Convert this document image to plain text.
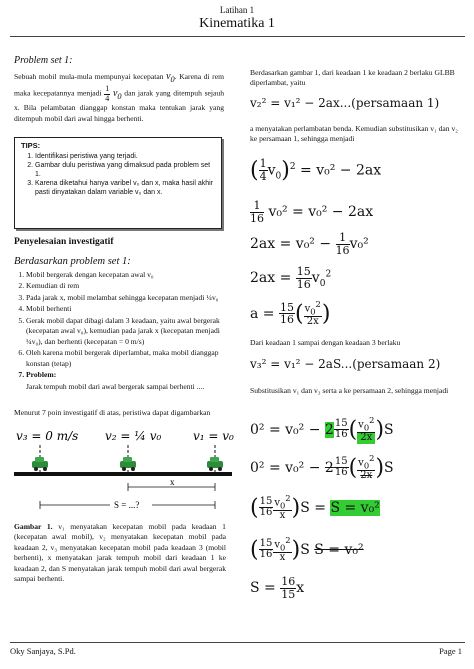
Latihan 1
Kinematika 1
Problem set 1:
Sebuah mobil mula-mula mempunyai kecepatan $v_0$. Karena di rem maka kecepatannya menjadi $\frac{1}{4} v_0$ dan jarak yang ditempuh sejauh x. Bila pelambatan dianggap konstan maka tentukan jarak yang ditempuh mobil dari awal hingga berhenti.
TIPS:
1. Identifikasi peristiwa yang terjadi.
2. Gambar dulu peristiwa yang dimaksud pada problem set 1.
3. Karena diketahui hanya varibel v₀ dan x, maka hasil akhir pasti dinyatakan dalam variable v₀ dan x.
Penyelesaian investigatif
Berdasarkan problem set 1:
1. Mobil bergerak dengan kecepatan awal v₀
2. Kemudian di rem
3. Pada jarak x, mobil melambat sehingga kecepatan menjadi ¼v₀
4. Mobil berhenti
5. Gerak mobil dapat dibagi dalam 3 keadaan, yaitu awal bergerak (kecepatan awal v₀), kemudian pada jarak x (kecepatan menjadi ¼v₀), dan berhenti (kecepatan = 0 m/s)
6. Oleh karena mobil bergerak diperlambat, maka mobil dianggap konstan (tetap)
7. Problem:
Jarak tempuh mobil dari awal bergerak sampai berhenti ....
Menurut 7 poin investigatif di atas, peristiwa dapat digambarkan
v₃ = 0 m/s v₂ = ¼ v₀	v₁ = v₀
x
S = ...?
Gambar 1. v₁ menyatakan kecepatan mobil pada keadaan 1 (kecepatan awal mobil), v₂ menyatakan kecepatan mobil pada keadaan 2, v₃ menyatakan kecepatan mobil pada keadaan 3 (mobil berhenti), x menyatakan jarak tempuh mobil dari keadaan 1 ke keadaan 2, dan S menyatakan jarak tempuh mobil dari awal bergerak sampai berhenti.
Berdasarkan gambar 1, dari keadaan 1 ke keadaan 2 berlaku GLBB diperlambat, yaitu
v₂² = v₁² − 2ax...(persamaan 1)
a menyatakan perlambatan benda. Kemudian substitusikan v₁ dan v₂ ke persamaan 1, sehingga menjadi
( $\frac{1}{4} v_0)^2 = v_0^2 - 2ax$
$\frac{1}{16} v_0^2 = v_0^2 - 2ax$
$2ax = v_0^2 - \frac{1}{16} v_0^2$
$2ax = \frac{15}{16} v_0^2$
$a = \frac{15}{16}$ ( $\frac{v_0^2}{2x}$ )
Dari keadaan 1 sampai dengan keadaan 3 berlaku
v₃² = v₁² − 2aS...(persamaan 2)
Substitusikan v₁ dan v₃ serta a ke persamaan 2, sehingga menjadi
$0^2 = v_0^2 - 2 \frac{15}{16}$ ( $\frac{v_0^2}{2x} )S$
$0^2 = v_0^2 - 2 \frac{15}{16}$ ( $\frac{v_0^2}{2x} )S$
( $\frac{15}{16} \frac{v_0^2}{x} )S = S = v_0^2$
( $\frac{15}{16} \frac{v_0^2}{x} )S$ S = v₀²
$S = \frac{16}{15}$ x
Oky Sanjaya, S.Pd.	Page 1
